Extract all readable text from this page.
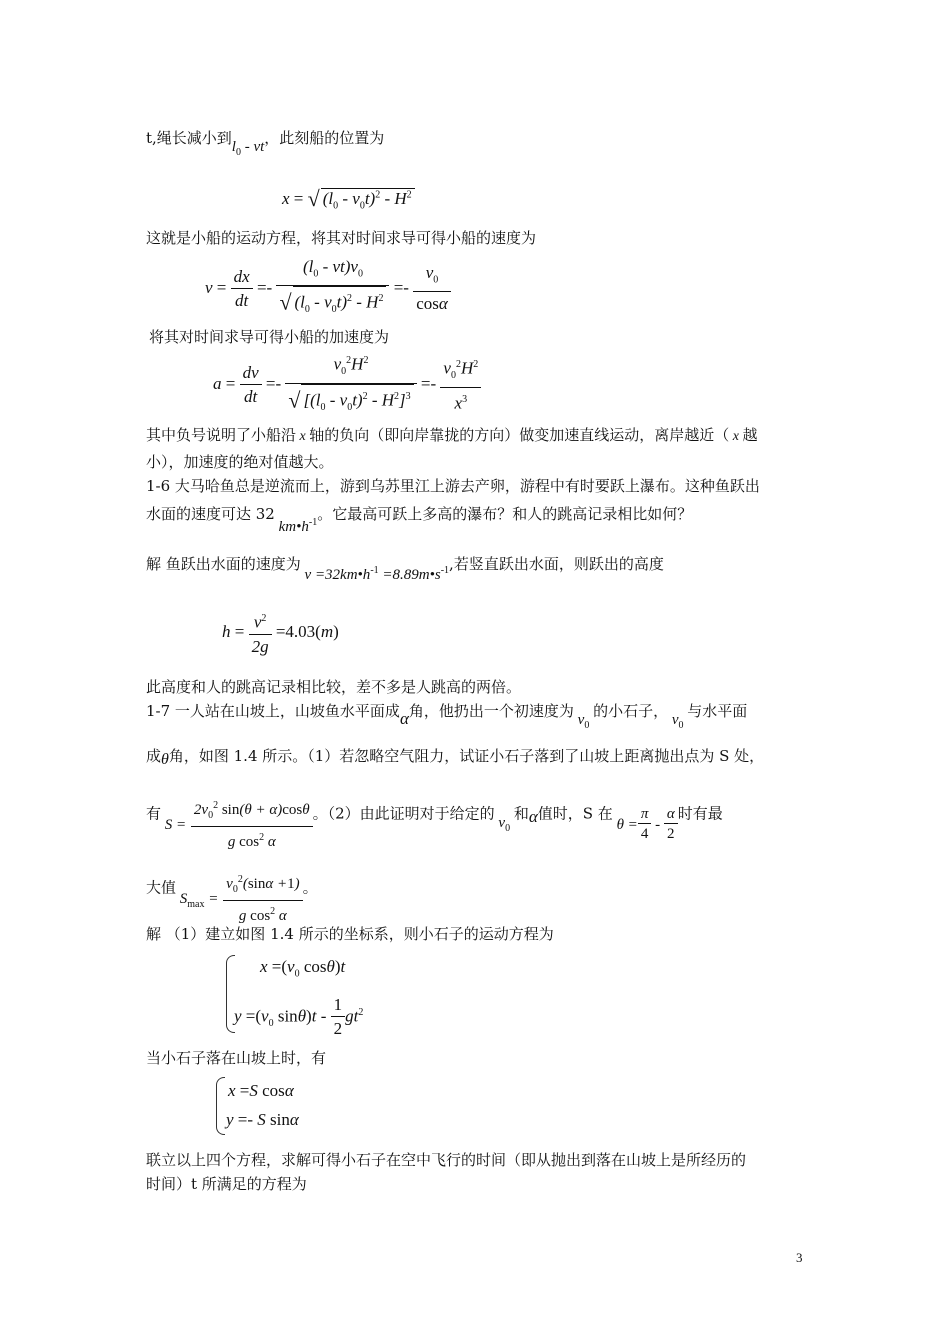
t,绳长减小到$l_0$ - vt，此刻船的位置为
x = √ $(l_0 - v_0t)^2 - H^2$
这就是小船的运动方程，将其对时间求导可得小船的速度为
$v = \frac{dx}{dt} =- \frac{(l_0 - vt)v_0}{√ (l_0 - v_0t)^2 - H^2} =- \frac{v_0}{\cos\alpha}$
将其对时间求导可得小船的加速度为
$a = \frac{dv}{dt} =- \frac{v_0^2H^2}{√ [(l_0 - v_0t)^2 - H^2]^3} =- \frac{v_0^2H^2}{x^3}$
其中负号说明了小船沿 x 轴的负向（即向岸靠拢的方向）做变加速直线运动，离岸越近（ x 越
小），加速度的绝对值越大。
1-6 大马哈鱼总是逆流而上，游到乌苏里江上游去产卵，游程中有时要跃上瀑布。这种鱼跃出
水面的速度可达 32 $km•h^{-1}$。它最高可跃上多高的瀑布？和人的跳高记录相比如何？
解 鱼跃出水面的速度为 $v =32km•h^{-1}$ $=8.89m•s^{-1}$,若竖直跃出水面，则跃出的高度
$h = \frac{v^2}{2g} =4.03(m)$
此高度和人的跳高记录相比较，差不多是人跳高的两倍。
1-7 一人站在山坡上，山坡鱼水平面成α角，他扔出一个初速度为 $v_0$ 的小石子， $v_0$ 与水平面
成θ角，如图 1.4 所示。（1）若忽略空气阻力，试证小石子落到了山坡上距离抛出点为 S 处，
有 $S = \frac{2v_0^2 \sin(\theta + \alpha)\cos\theta}{g \cos^2 \alpha}$ 。（2）由此证明对于给定的 $v_0$ 和α值时，S 在 $\theta = \frac{\pi}{4} - \frac{\alpha}{2}$ 时有最
大值 $S_{max} = \frac{v_0^2(\sin\alpha +1)}{g \cos^2 \alpha}$ 。
解 （1）建立如图 1.4 所示的坐标系，则小石子的运动方程为
$x =(v_0$ cosθ)t
$y =(v_0$ $\sin\theta)t - \frac{1}{2} gt^2$
当小石子落在山坡上时，有
x =S cosα
y =- S sinα
联立以上四个方程，求解可得小石子在空中飞行的时间（即从抛出到落在山坡上是所经历的
时间）t 所满足的方程为
3
